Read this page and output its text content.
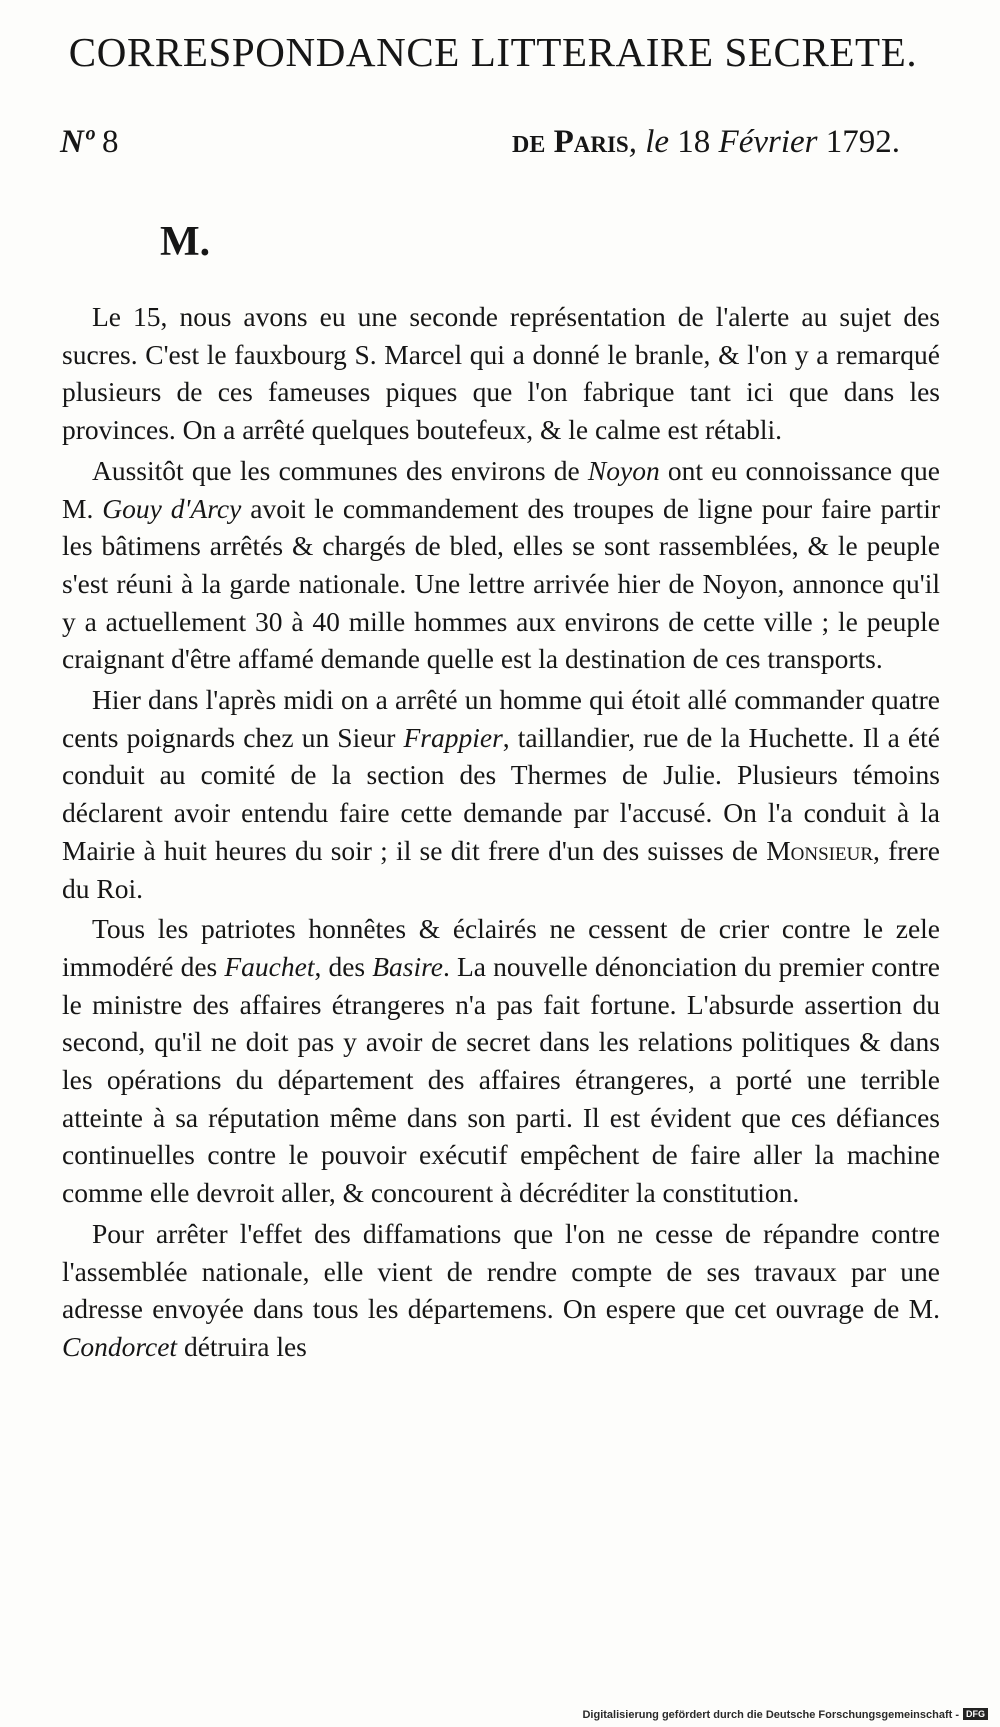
CORRESPONDANCE LITTERAIRE SECRETE.
Nº 8	DE Paris, le 18 Février 1792.
M.

Le 15, nous avons eu une seconde représentation de l'alerte au sujet des sucres. C'est le fauxbourg S. Marcel qui a donné le branle, & l'on y a remarqué plusieurs de ces fameuses piques que l'on fabrique tant ici que dans les provinces. On a arrêté quelques boutefeux, & le calme est rétabli.

Aussitôt que les communes des environs de Noyon ont eu connoissance que M. Gouy d'Arcy avoit le commandement des troupes de ligne pour faire partir les bâtimens arrêtés & chargés de bled, elles se sont rassemblées, & le peuple s'est réuni à la garde nationale. Une lettre arrivée hier de Noyon, annonce qu'il y a actuellement 30 à 40 mille hommes aux environs de cette ville ; le peuple craignant d'être affamé demande quelle est la destination de ces transports.

Hier dans l'après midi on a arrêté un homme qui étoit allé commander quatre cents poignards chez un Sieur Frappier, taillandier, rue de la Huchette. Il a été conduit au comité de la section des Thermes de Julie. Plusieurs témoins déclarent avoir entendu faire cette demande par l'accusé. On l'a conduit à la Mairie à huit heures du soir ; il se dit frere d'un des suisses de Monsieur, frere du Roi.

Tous les patriotes honnêtes & éclairés ne cessent de crier contre le zele immodéré des Fauchet, des Basire. La nouvelle dénonciation du premier contre le ministre des affaires étrangeres n'a pas fait fortune. L'absurde assertion du second, qu'il ne doit pas y avoir de secret dans les relations politiques & dans les opérations du département des affaires étrangeres, a porté une terrible atteinte à sa réputation même dans son parti. Il est évident que ces défiances continuelles contre le pouvoir exécutif empêchent de faire aller la machine comme elle devroit aller, & concourent à décréditer la constitution.

Pour arrêter l'effet des diffamations que l'on ne cesse de répandre contre l'assemblée nationale, elle vient de rendre compte de ses travaux par une adresse envoyée dans tous les départemens. On espere que cet ouvrage de M. Condorcet détruira les

Digitalisierung gefördert durch die Deutsche Forschungsgemeinschaft - DFG
